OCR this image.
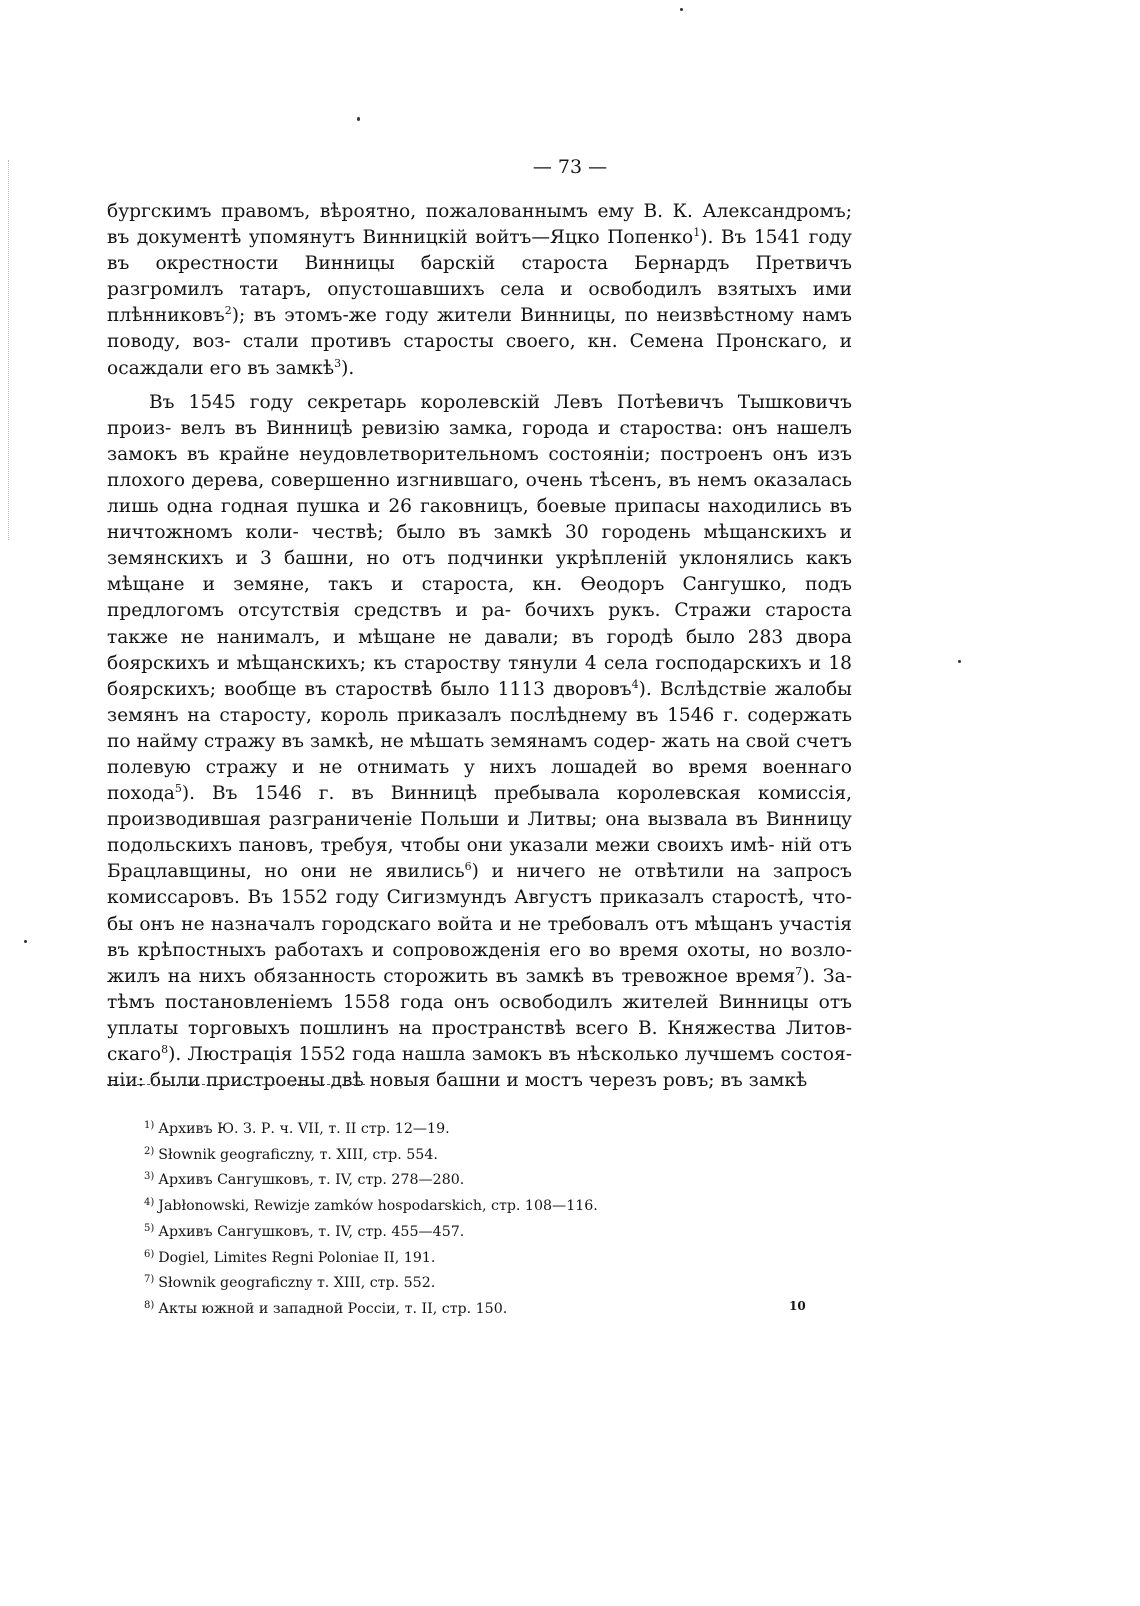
— 73 —

бургскимъ правомъ, вѣроятно, пожалованнымъ ему В. К. Александромъ; въ документѣ упомянутъ Винницкій войтъ—Яцко Попенко$^1$). Въ 1541 году въ окрестности Винницы барскій староста Бернардъ Претвичъ разгромилъ татаръ, опустошавшихъ села и освободилъ взятыхъ ими плѣнниковъ$^2$); въ этомъ-же году жители Винницы, по неизвѣстному намъ поводу, воз- стали противъ старосты своего, кн. Семена Пронскаго, и осаждали его въ замкѣ$^3$).

Въ 1545 году секретарь королевскій Левъ Потѣевичъ Тышковичъ произ- велъ въ Винницѣ ревизію замка, города и староства: онъ нашелъ замокъ въ крайне неудовлетворительномъ состояніи; построенъ онъ изъ плохого дерева, совершенно изгнившаго, очень тѣсенъ, въ немъ оказалась лишь одна годная пушка и 26 гаковницъ, боевые припасы находились въ ничтожномъ коли- чествѣ; было въ замкѣ 30 городень мѣщанскихъ и земянскихъ и 3 башни, но отъ подчинки укрѣпленій уклонялись какъ мѣщане и земяне, такъ и староста, кн. Ѳеодоръ Сангушко, подъ предлогомъ отсутствія средствъ и ра- бочихъ рукъ. Стражи староста также не нанималъ, и мѣщане не давали; въ городѣ было 283 двора боярскихъ и мѣщанскихъ; къ староству тянули 4 села господарскихъ и 18 боярскихъ; вообще въ староствѣ было 1113 дворовъ$^4$). Вслѣдствіе жалобы земянъ на старосту, король приказалъ послѣднему въ 1546 г. содержать по найму стражу въ замкѣ, не мѣшать земянамъ содер- жать на свой счетъ полевую стражу и не отнимать у нихъ лошадей во время военнаго похода$^5$). Въ 1546 г. въ Винницѣ пребывала королевская комиссія, производившая разграниченіе Польши и Литвы; она вызвала въ Винницу подольскихъ пановъ, требуя, чтобы они указали межи своихъ имѣ- ній отъ Брацлавщины, но они не явились$^6$) и ничего не отвѣтили на запросъ комиссаровъ. Въ 1552 году Сигизмундъ Августъ приказалъ старостѣ, что- бы онъ не назначалъ городскаго войта и не требовалъ отъ мѣщанъ участія въ крѣпостныхъ работахъ и сопровожденія его во время охоты, но возло- жилъ на нихъ обязанность сторожить въ замкѣ въ тревожное время$^7$). За- тѣмъ постановленіемъ 1558 года онъ освободилъ жителей Винницы отъ уплаты торговыхъ пошлинъ на пространствѣ всего В. Княжества Литов- скаго$^8$). Люстрація 1552 года нашла замокъ въ нѣсколько лучшемъ состоя- ніи: были пристроены двѣ новыя башни и мостъ черезъ ровъ; въ замкѣ

$^{1)}$ Архивъ Ю. З. Р. ч. VII, т. II стр. 12—19.
$^{2)}$ Słownik geograficzny, т. XIII, стр. 554.
$^{3)}$ Архивъ Сангушковъ, т. IV, стр. 278—280.
$^{4)}$ Jabłonowski, Rewizje zamków hospodarskich, стр. 108—116.
$^{5)}$ Архивъ Сангушковъ, т. IV, стр. 455—457.
$^{6)}$ Dogiel, Limites Regni Poloniae II, 191.
$^{7)}$ Słownik geograficzny т. XIII, стр. 552.
$^{8)}$ Акты южной и западной Россіи, т. II, стр. 150.	10
